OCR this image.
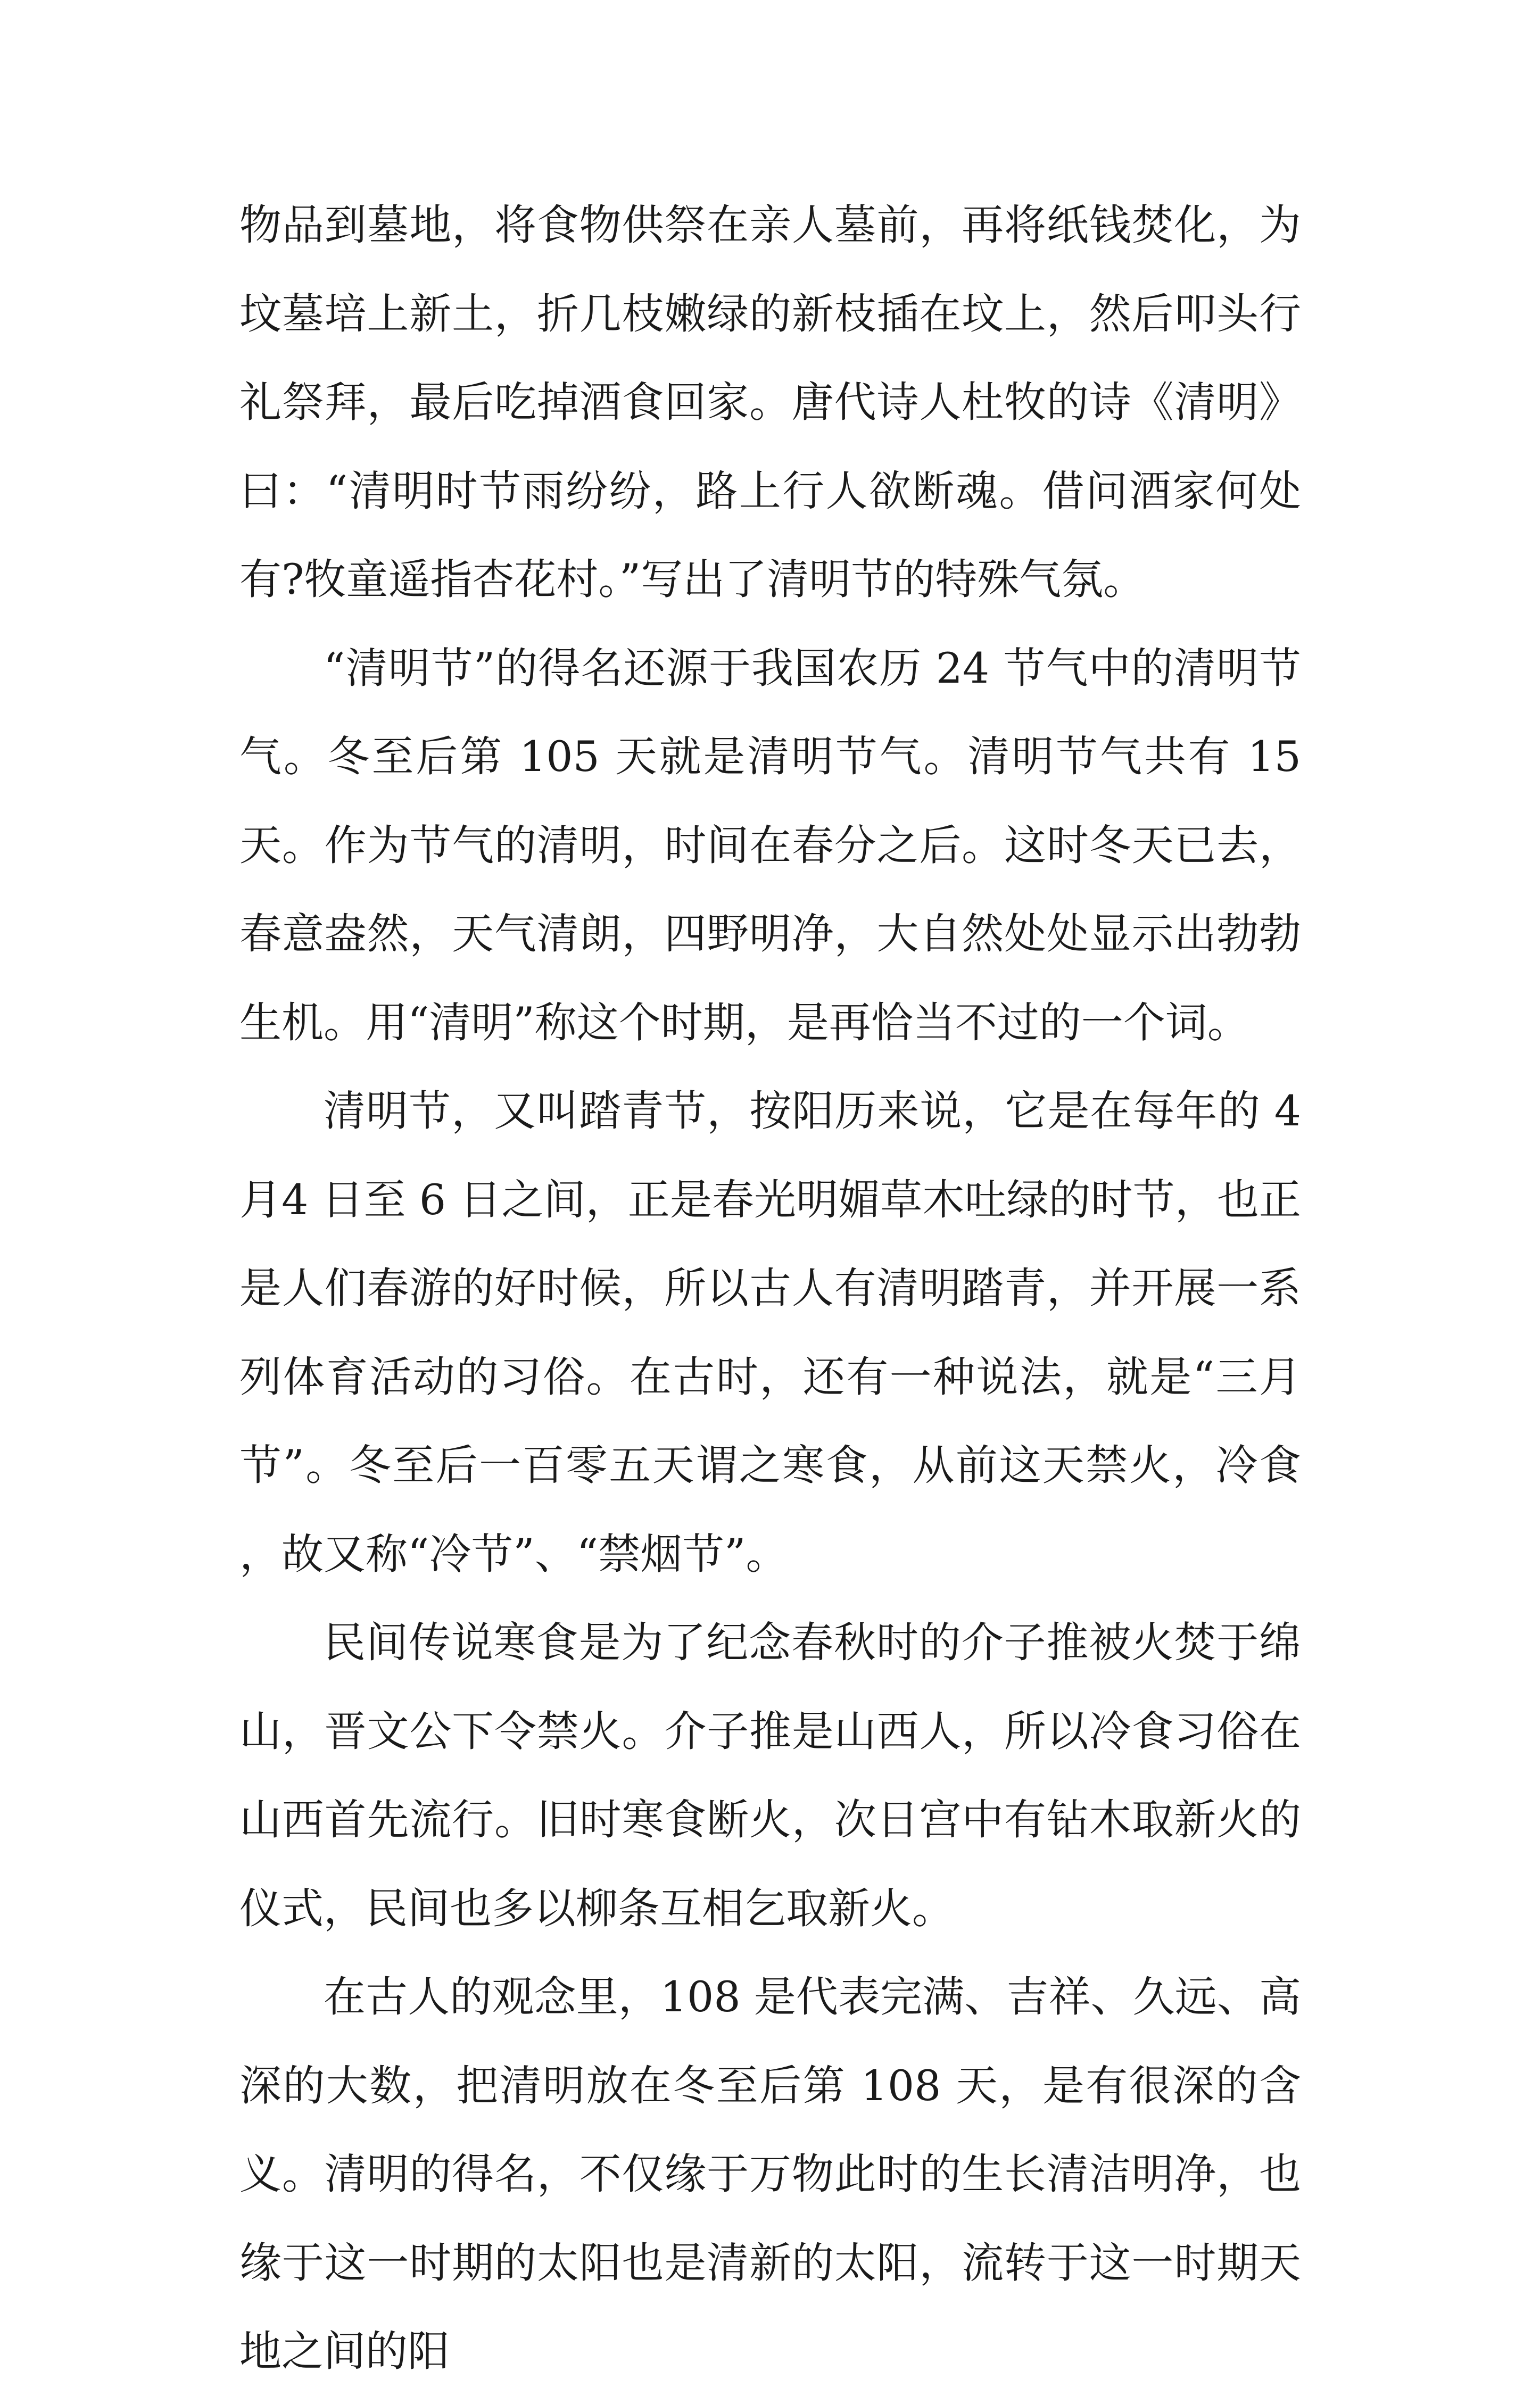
物品到墓地，将食物供祭在亲人墓前，再将纸钱焚化，为坟墓培上新土，折几枝嫩绿的新枝插在坟上，然后叩头行礼祭拜，最后吃掉酒食回家。唐代诗人杜牧的诗《清明》曰：“清明时节雨纷纷，路上行人欲断魂。借问酒家何处有?牧童遥指杏花村。”写出了清明节的特殊气氛。

“清明节”的得名还源于我国农历 24 节气中的清明节气。冬至后第 105 天就是清明节气。清明节气共有 15 天。作为节气的清明，时间在春分之后。这时冬天已去，春意盎然，天气清朗，四野明净，大自然处处显示出勃勃生机。用“清明”称这个时期，是再恰当不过的一个词。

清明节，又叫踏青节，按阳历来说，它是在每年的 4 月4 日至 6 日之间，正是春光明媚草木吐绿的时节，也正是人们春游的好时候，所以古人有清明踏青，并开展一系列体育活动的习俗。在古时，还有一种说法，就是“三月节”。冬至后一百零五天谓之寒食，从前这天禁火，冷食，故又称“冷节”、“禁烟节”。

民间传说寒食是为了纪念春秋时的介子推被火焚于绵山，晋文公下令禁火。介子推是山西人，所以冷食习俗在山西首先流行。旧时寒食断火，次日宫中有钻木取新火的仪式，民间也多以柳条互相乞取新火。

在古人的观念里，108 是代表完满、吉祥、久远、高深的大数，把清明放在冬至后第 108 天，是有很深的含义。清明的得名，不仅缘于万物此时的生长清洁明净，也缘于这一时期的太阳也是清新的太阳，流转于这一时期天地之间的阳
